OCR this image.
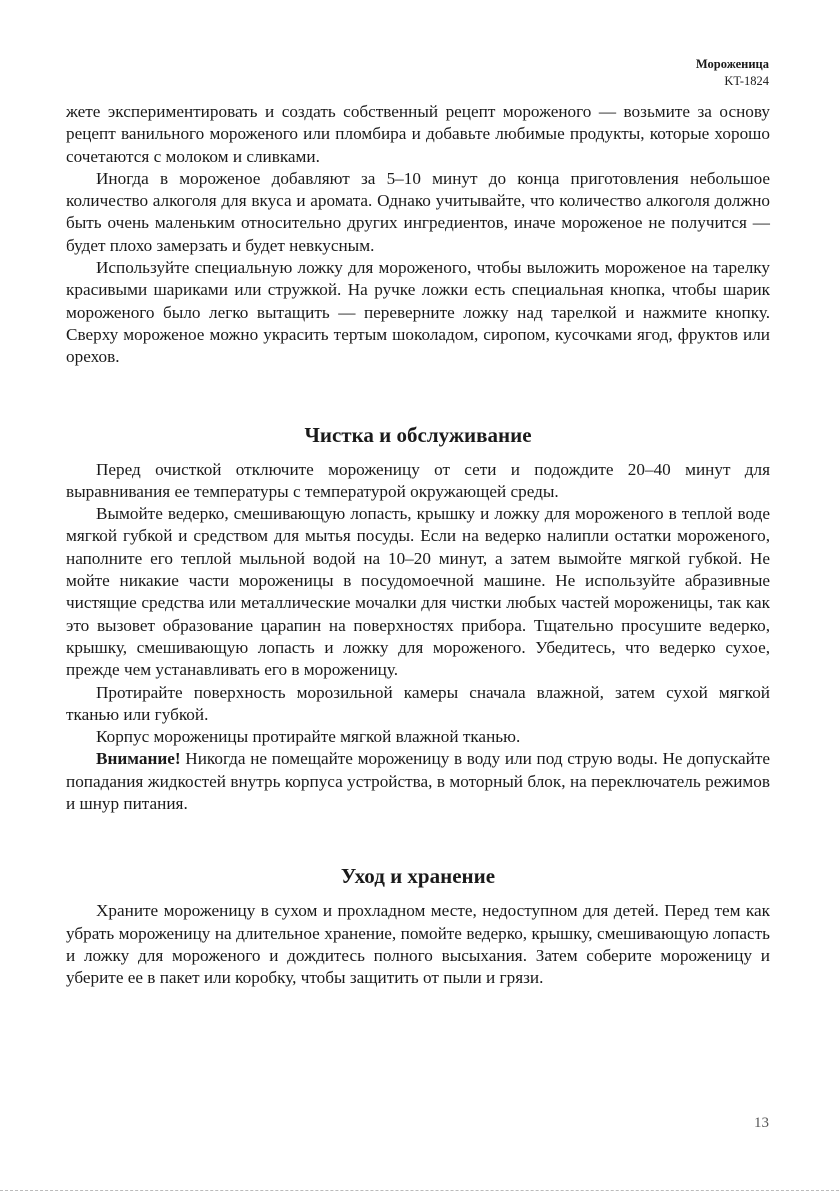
Мороженица
KT-1824

жете экспериментировать и создать собственный рецепт мороженого — возьмите за основу рецепт ванильного мороженого или пломбира и добавьте любимые продукты, которые хорошо сочетаются с молоком и сливками.

Иногда в мороженое добавляют за 5–10 минут до конца приготовления небольшое количество алкоголя для вкуса и аромата. Однако учитывайте, что количество алкоголя должно быть очень маленьким относительно других ингредиентов, иначе мороженое не получится — будет плохо замерзать и будет невкусным.

Используйте специальную ложку для мороженого, чтобы выложить мороженое на тарелку красивыми шариками или стружкой. На ручке ложки есть специальная кнопка, чтобы шарик мороженого было легко вытащить — переверните ложку над тарелкой и нажмите кнопку. Сверху мороженое можно украсить тертым шоколадом, сиропом, кусочками ягод, фруктов или орехов.

Чистка и обслуживание

Перед очисткой отключите мороженицу от сети и подождите 20–40 минут для выравнивания ее температуры с температурой окружающей среды.

Вымойте ведерко, смешивающую лопасть, крышку и ложку для мороженого в теплой воде мягкой губкой и средством для мытья посуды. Если на ведерко налипли остатки мороженого, наполните его теплой мыльной водой на 10–20 минут, а затем вымойте мягкой губкой. Не мойте никакие части мороженицы в посудомоечной машине. Не используйте абразивные чистящие средства или металлические мочалки для чистки любых частей мороженицы, так как это вызовет образование царапин на поверхностях прибора. Тщательно просушите ведерко, крышку, смешивающую лопасть и ложку для мороженого. Убедитесь, что ведерко сухое, прежде чем устанавливать его в мороженицу.

Протирайте поверхность морозильной камеры сначала влажной, затем сухой мягкой тканью или губкой.

Корпус мороженицы протирайте мягкой влажной тканью.

Внимание! Никогда не помещайте мороженицу в воду или под струю воды. Не допускайте попадания жидкостей внутрь корпуса устройства, в моторный блок, на переключатель режимов и шнур питания.

Уход и хранение

Храните мороженицу в сухом и прохладном месте, недоступном для детей. Перед тем как убрать мороженицу на длительное хранение, помойте ведерко, крышку, смешивающую лопасть и ложку для мороженого и дождитесь полного высыхания. Затем соберите мороженицу и уберите ее в пакет или коробку, чтобы защитить от пыли и грязи.

13
